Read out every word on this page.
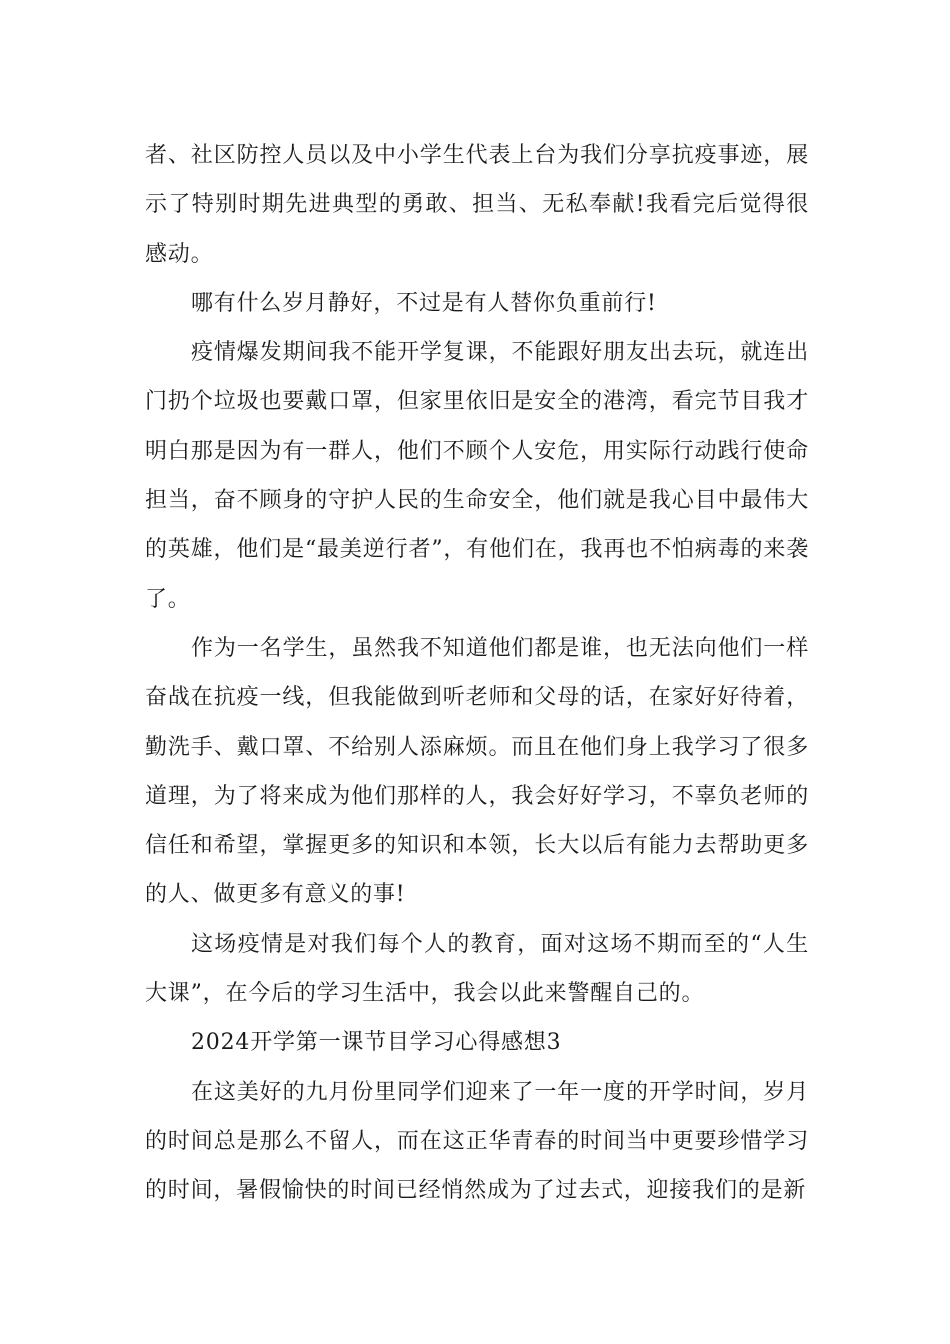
者、社区防控人员以及中小学生代表上台为我们分享抗疫事迹，展示了特别时期先进典型的勇敢、担当、无私奉献!我看完后觉得很感动。

哪有什么岁月静好，不过是有人替你负重前行!

疫情爆发期间我不能开学复课，不能跟好朋友出去玩，就连出门扔个垃圾也要戴口罩，但家里依旧是安全的港湾，看完节目我才明白那是因为有一群人，他们不顾个人安危，用实际行动践行使命担当，奋不顾身的守护人民的生命安全，他们就是我心目中最伟大的英雄，他们是“最美逆行者”，有他们在，我再也不怕病毒的来袭了。

作为一名学生，虽然我不知道他们都是谁，也无法向他们一样奋战在抗疫一线，但我能做到听老师和父母的话，在家好好待着，勤洗手、戴口罩、不给别人添麻烦。而且在他们身上我学习了很多道理，为了将来成为他们那样的人，我会好好学习，不辜负老师的信任和希望，掌握更多的知识和本领，长大以后有能力去帮助更多的人、做更多有意义的事!

这场疫情是对我们每个人的教育，面对这场不期而至的“人生大课”，在今后的学习生活中，我会以此来警醒自己的。

2024开学第一课节目学习心得感想3

在这美好的九月份里同学们迎来了一年一度的开学时间，岁月的时间总是那么不留人，而在这正华青春的时间当中更要珍惜学习的时间，暑假愉快的时间已经悄然成为了过去式，迎接我们的是新
